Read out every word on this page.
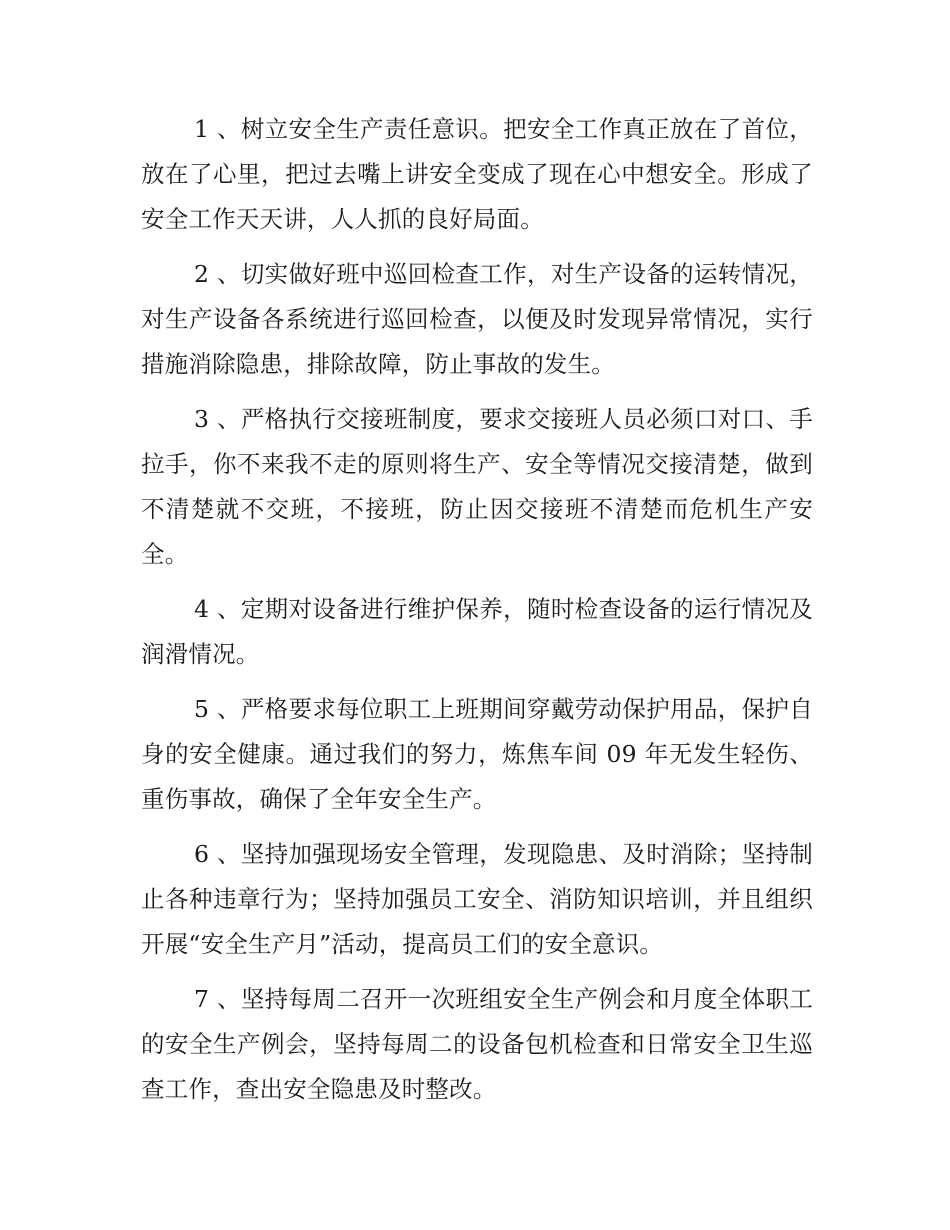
1 、树立安全生产责任意识。把安全工作真正放在了首位，放在了心里，把过去嘴上讲安全变成了现在心中想安全。形成了安全工作天天讲，人人抓的良好局面。

2 、切实做好班中巡回检查工作，对生产设备的运转情况，对生产设备各系统进行巡回检查，以便及时发现异常情况，实行措施消除隐患，排除故障，防止事故的发生。

3 、严格执行交接班制度，要求交接班人员必须口对口、手拉手，你不来我不走的原则将生产、安全等情况交接清楚，做到不清楚就不交班，不接班，防止因交接班不清楚而危机生产安全。

4 、定期对设备进行维护保养，随时检查设备的运行情况及润滑情况。

5 、严格要求每位职工上班期间穿戴劳动保护用品，保护自身的安全健康。通过我们的努力，炼焦车间 09 年无发生轻伤、重伤事故，确保了全年安全生产。

6 、坚持加强现场安全管理，发现隐患、及时消除；坚持制止各种违章行为；坚持加强员工安全、消防知识培训，并且组织开展“安全生产月”活动，提高员工们的安全意识。

7 、坚持每周二召开一次班组安全生产例会和月度全体职工的安全生产例会，坚持每周二的设备包机检查和日常安全卫生巡查工作，查出安全隐患及时整改。
